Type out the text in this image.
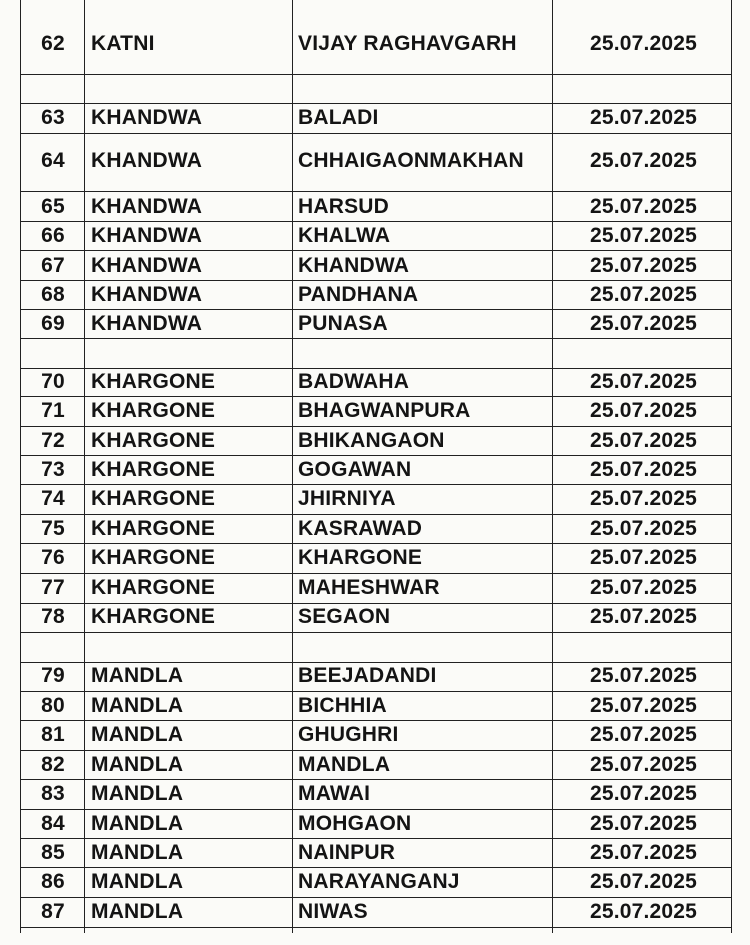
62	KATNI	VIJAY RAGHAVGARH	25.07.2025
63	KHANDWA	BALADI	25.07.2025
64	KHANDWA	CHHAIGAONMAKHAN	25.07.2025
65	KHANDWA	HARSUD	25.07.2025
66	KHANDWA	KHALWA	25.07.2025
67	KHANDWA	KHANDWA	25.07.2025
68	KHANDWA	PANDHANA	25.07.2025
69	KHANDWA	PUNASA	25.07.2025
70	KHARGONE	BADWAHA	25.07.2025
71	KHARGONE	BHAGWANPURA	25.07.2025
72	KHARGONE	BHIKANGAON	25.07.2025
73	KHARGONE	GOGAWAN	25.07.2025
74	KHARGONE	JHIRNIYA	25.07.2025
75	KHARGONE	KASRAWAD	25.07.2025
76	KHARGONE	KHARGONE	25.07.2025
77	KHARGONE	MAHESHWAR	25.07.2025
78	KHARGONE	SEGAON	25.07.2025
79	MANDLA	BEEJADANDI	25.07.2025
80	MANDLA	BICHHIA	25.07.2025
81	MANDLA	GHUGHRI	25.07.2025
82	MANDLA	MANDLA	25.07.2025
83	MANDLA	MAWAI	25.07.2025
84	MANDLA	MOHGAON	25.07.2025
85	MANDLA	NAINPUR	25.07.2025
86	MANDLA	NARAYANGANJ	25.07.2025
87	MANDLA	NIWAS	25.07.2025
